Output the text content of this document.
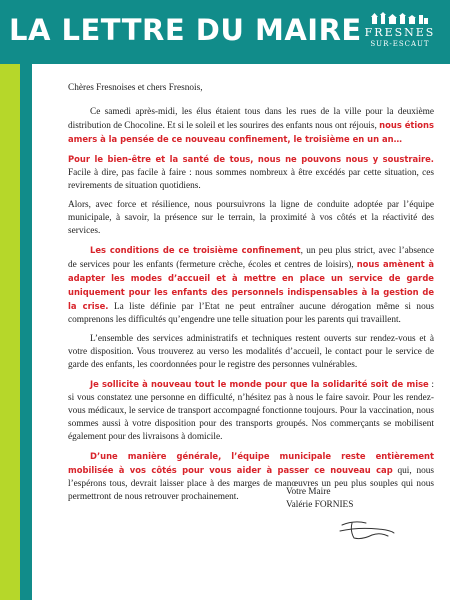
LA LETTRE DU MAIRE FRESNES
SUR-ESCAUT

Chères Fresnoises et chers Fresnois,

Ce samedi après-midi, les élus étaient tous dans les rues de la ville pour la deuxième distribution de Chocoline. Et si le soleil et les sourires des enfants nous ont réjouis, nous étions amers à la pensée de ce nouveau confinement, le troisième en un an…

Pour le bien-être et la santé de tous, nous ne pouvons nous y soustraire. Facile à dire, pas facile à faire : nous sommes nombreux à être excédés par cette situation, ces revirements de situation quotidiens.

Alors, avec force et résilience, nous poursuivrons la ligne de conduite adoptée par l’équipe municipale, à savoir, la présence sur le terrain, la proximité à vos côtés et la réactivité des services.

Les conditions de ce troisième confinement, un peu plus strict, avec l’absence de services pour les enfants (fermeture crèche, écoles et centres de loisirs), nous amènent à adapter les modes d’accueil et à mettre en place un service de garde uniquement pour les enfants des personnels indispensables à la gestion de la crise. La liste définie par l’Etat ne peut entraîner aucune dérogation même si nous comprenons les difficultés qu’engendre une telle situation pour les parents qui travaillent.

L’ensemble des services administratifs et techniques restent ouverts sur rendez-vous et à votre disposition. Vous trouverez au verso les modalités d’accueil, le contact pour le service de garde des enfants, les coordonnées pour le registre des personnes vulnérables.

Je sollicite à nouveau tout le monde pour que la solidarité soit de mise : si vous constatez une personne en difficulté, n’hésitez pas à nous le faire savoir. Pour les rendez-vous médicaux, le service de transport accompagné fonctionne toujours. Pour la vaccination, nous sommes aussi à votre disposition pour des transports groupés. Nos commerçants se mobilisent également pour des livraisons à domicile.

D’une manière générale, l’équipe municipale reste entièrement mobilisée à vos côtés pour vous aider à passer ce nouveau cap qui, nous l’espérons tous, devrait laisser place à des marges de manœuvres un peu plus souples qui nous permettront de nous retrouver prochainement.	Votre Maire
Valérie FORNIES
